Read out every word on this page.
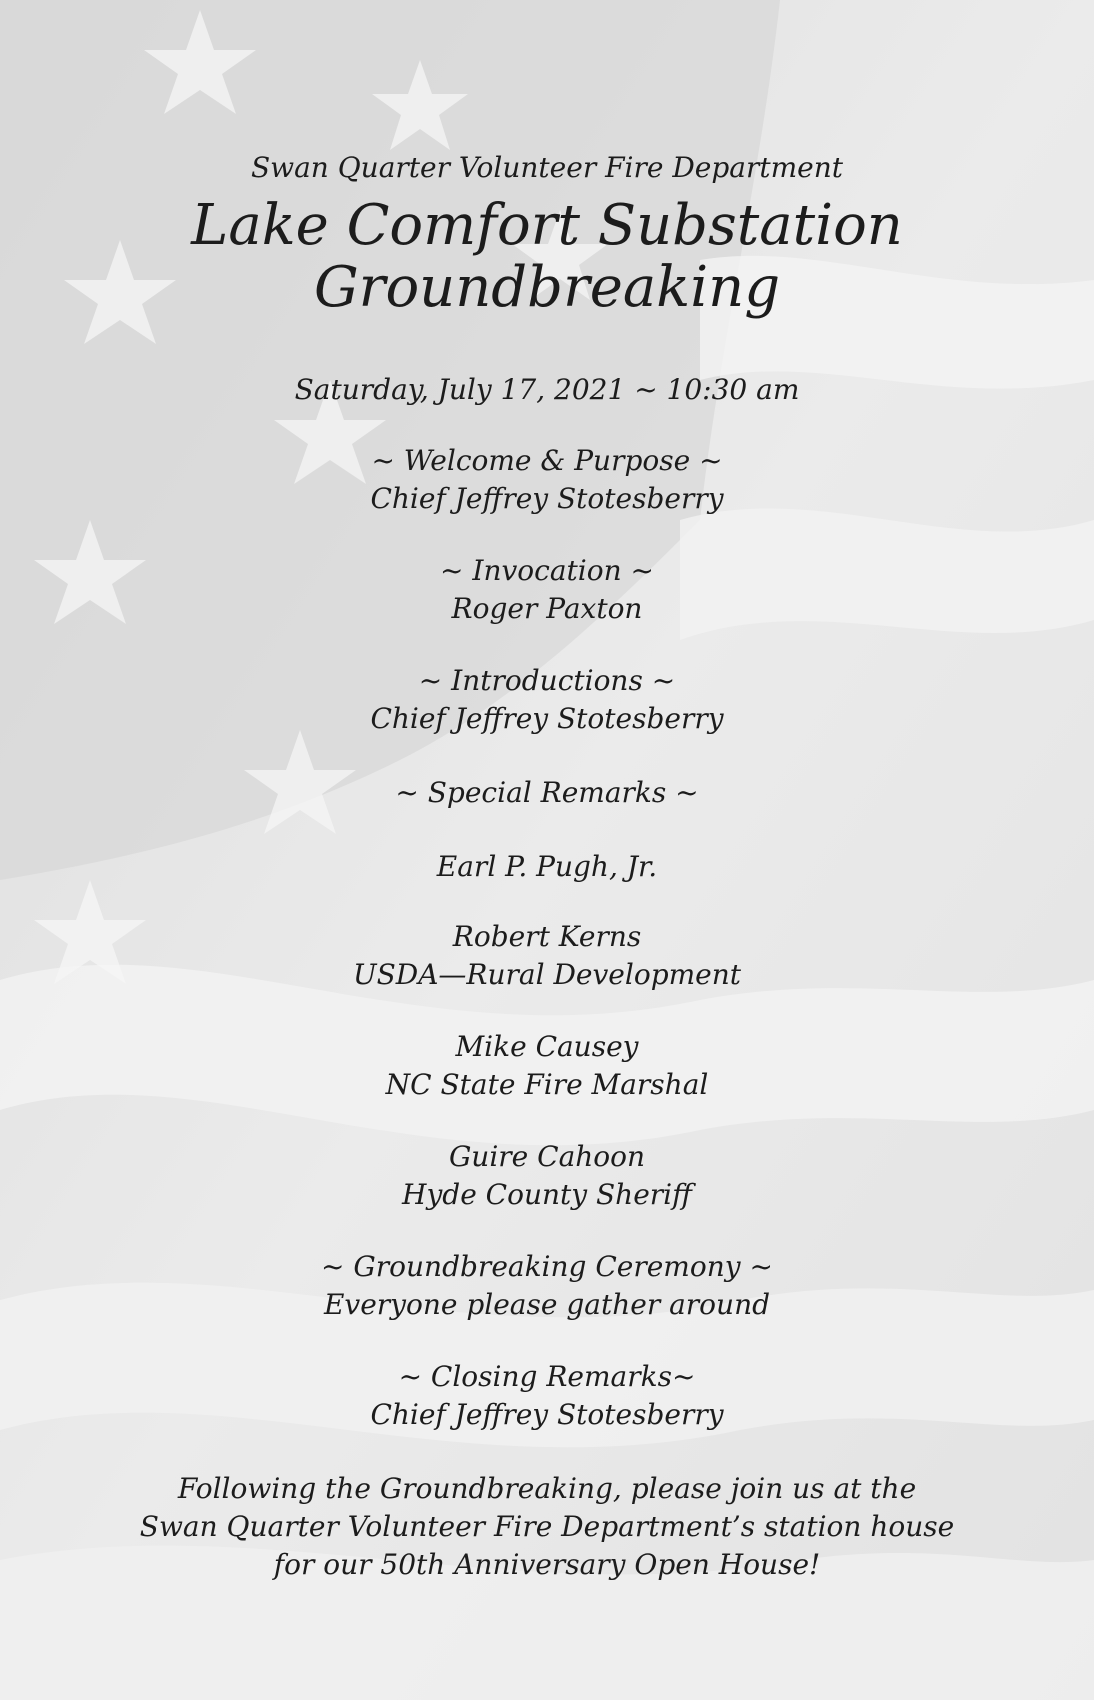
Swan Quarter Volunteer Fire Department
Lake Comfort Substation
Groundbreaking
Saturday, July 17, 2021 ~ 10:30 am
~ Welcome & Purpose ~
Chief Jeffrey Stotesberry
~ Invocation ~
Roger Paxton
~ Introductions ~
Chief Jeffrey Stotesberry
~ Special Remarks ~
Earl P. Pugh, Jr.
Robert Kerns
USDA—Rural Development
Mike Causey
NC State Fire Marshal
Guire Cahoon
Hyde County Sheriff
~ Groundbreaking Ceremony ~
Everyone please gather around
~ Closing Remarks~
Chief Jeffrey Stotesberry
Following the Groundbreaking, please join us at the
Swan Quarter Volunteer Fire Department’s station house
for our 50th Anniversary Open House!
